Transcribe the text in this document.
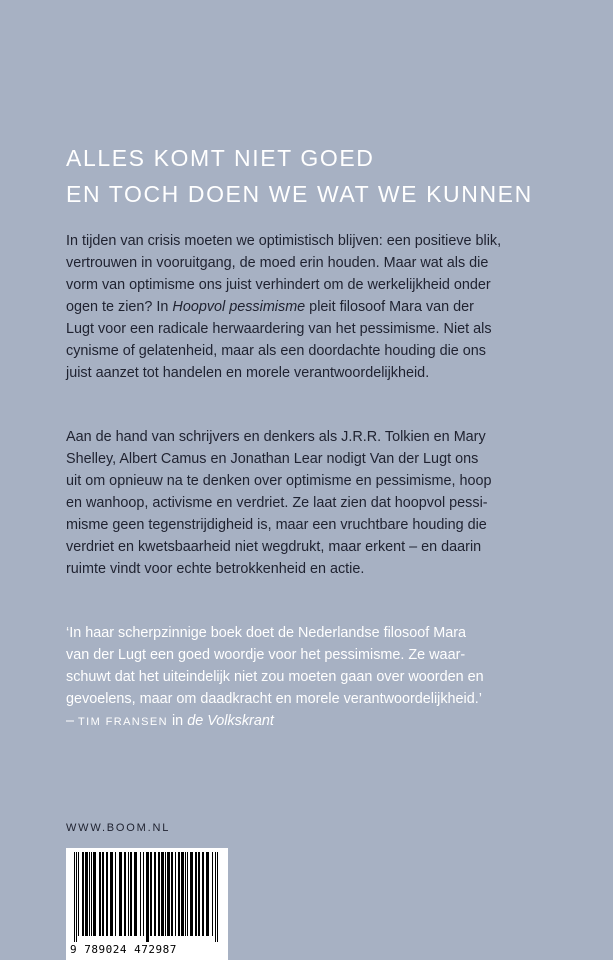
ALLES KOMT NIET GOED
EN TOCH DOEN WE WAT WE KUNNEN
In tijden van crisis moeten we optimistisch blijven: een positieve blik,
vertrouwen in vooruitgang, de moed erin houden. Maar wat als die
vorm van optimisme ons juist verhindert om de werkelijkheid onder
ogen te zien? In Hoopvol pessimisme pleit filosoof Mara van der
Lugt voor een radicale herwaardering van het pessimisme. Niet als
cynisme of gelatenheid, maar als een doordachte houding die ons
juist aanzet tot handelen en morele verantwoordelijkheid.
Aan de hand van schrijvers en denkers als J.R.R. Tolkien en Mary
Shelley, Albert Camus en Jonathan Lear nodigt Van der Lugt ons
uit om opnieuw na te denken over optimisme en pessimisme, hoop
en wanhoop, activisme en verdriet. Ze laat zien dat hoopvol pessi-
misme geen tegenstrijdigheid is, maar een vruchtbare houding die
verdriet en kwetsbaarheid niet wegdrukt, maar erkent – en daarin
ruimte vindt voor echte betrokkenheid en actie.
‘In haar scherpzinnige boek doet de Nederlandse filosoof Mara
van der Lugt een goed woordje voor het pessimisme. Ze waar-
schuwt dat het uiteindelijk niet zou moeten gaan over woorden en
gevoelens, maar om daadkracht en morele verantwoordelijkheid.’
– TIM FRANSEN in de Volkskrant
WWW.BOOM.NL
9 789024 472987
